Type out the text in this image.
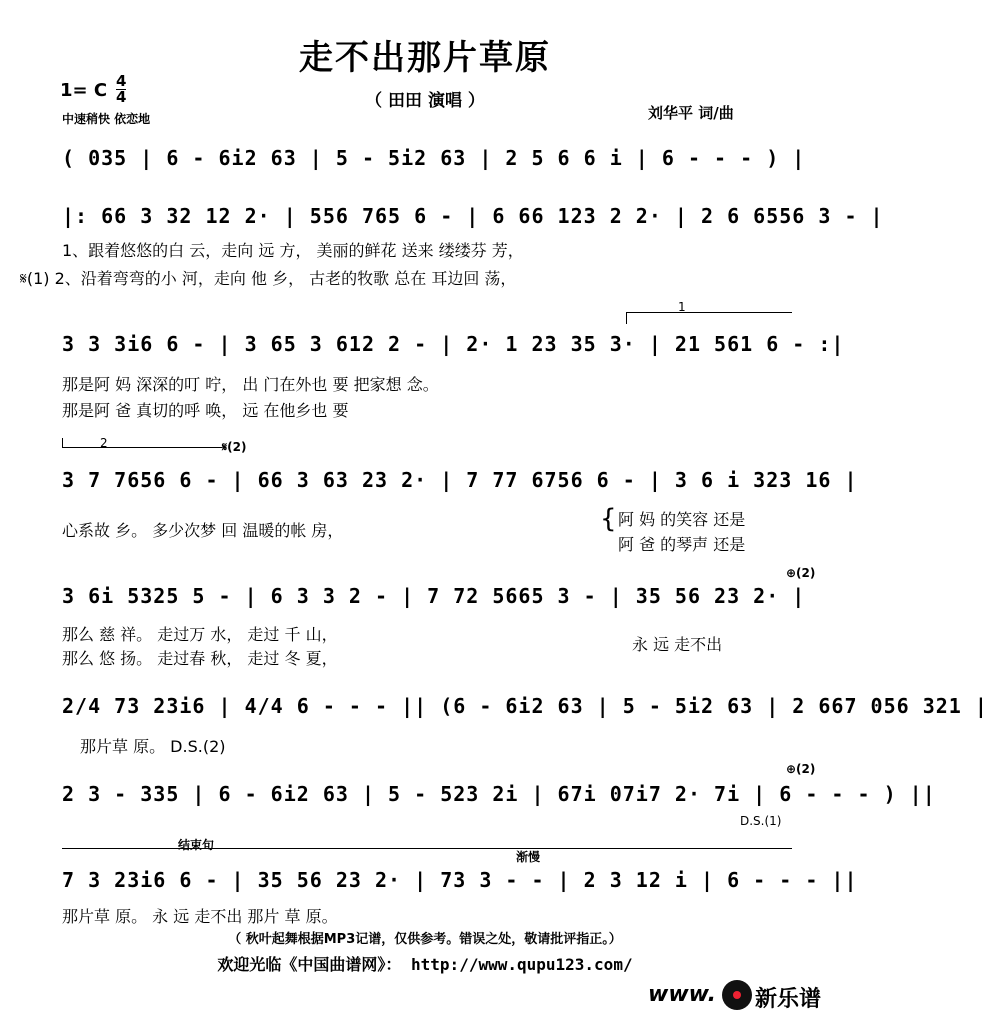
走不出那片草原
（ 田田 演唱 ）
1= C 4
4
中速稍快 依恋地	刘华平 词/曲
( 035 | 6 - 6i2 63 | 5 - 5i2 63 | 2 5 6 6 i | 6 - - - ) |
|: 66 3 32 12 2· | 556 765 6 - | 6 66 123 2 2· | 2 6 6556 3 - |
1、跟着悠悠的白 云，走向 远 方， 美丽的鲜花 送来 缕缕芬 芳，
𝄋(1) 2、沿着弯弯的小 河，走向 他 乡， 古老的牧歌 总在 耳边回 荡，
1
3 3 3i6 6 - | 3 65 3 612 2 - | 2· 1 23 35 3· | 21 561 6 - :|
那是阿 妈 深深的叮 咛， 出 门在外也 要 把家想 念。
那是阿 爸 真切的呼 唤， 远 在他乡也 要
2	𝄋(2)
3 7 7656 6 - | 66 3 63 23 2· | 7 77 6756 6 - | 3 6 i 323 16 |
心系故 乡。 多少次梦 回 温暖的帐 房，	{ 阿 妈 的笑容 还是
阿 爸 的琴声 还是
⊕(2)
3 6i 5325 5 - | 6 3 3 2 - | 7 72 5665 3 - | 35 56 23 2· |
那么 慈 祥。 走过万 水， 走过 千 山，
那么 悠 扬。 走过春 秋， 走过 冬 夏，
永 远 走不出
2/4 73 23i6 | 4/4 6 - - - || (6 - 6i2 63 | 5 - 5i2 63 | 2 667 056 321 |
那片草 原。 D.S.(2)
⊕(2)
2 3 - 335 | 6 - 6i2 63 | 5 - 523 2i | 67i 07i7 2· 7i | 6 - - - ) ||
D.S.(1)
结束句
渐慢
7 3 23i6 6 - | 35 56 23 2· | 73 3 - - | 2 3 12 i | 6 - - - ||
那片草 原。 永 远 走不出 那片 草 原。
（ 秋叶起舞根据MP3记谱，仅供参考。错误之处，敬请批评指正。）
欢迎光临《中国曲谱网》： http://www.qupu123.com/
www. 新乐谱
